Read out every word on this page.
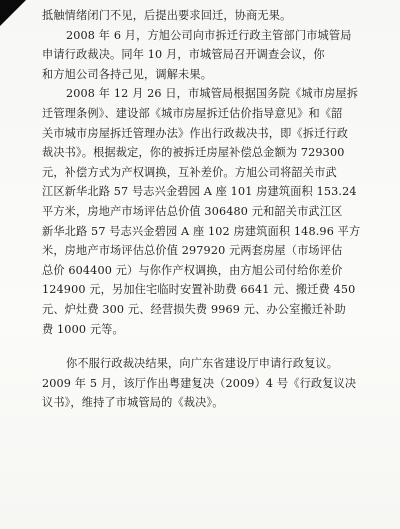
抵触情绪闭门不见，后提出要求回迁，协商无果。
2008 年 6 月，方旭公司向市拆迁行政主管部门市城管局
申请行政裁决。同年 10 月，市城管局召开调查会议，你
和方旭公司各持己见，调解未果。
2008 年 12 月 26 日，市城管局根据国务院《城市房屋拆
迁管理条例》、建设部《城市房屋拆迁估价指导意见》和《韶
关市城市房屋拆迁管理办法》作出行政裁决书，即《拆迁行政
裁决书》。根据裁定，你的被拆迁房屋补偿总金额为 729300
元，补偿方式为产权调换，互补差价。方旭公司将韶关市武
江区新华北路 57 号志兴金碧园 A 座 101 房建筑面积 153.24
平方米，房地产市场评估总价值 306480 元和韶关市武江区
新华北路 57 号志兴金碧园 A 座 102 房建筑面积 148.96 平方
米，房地产市场评估总价值 297920 元两套房屋（市场评估
总价 604400 元）与你作产权调换，由方旭公司付给你差价
124900 元，另加住宅临时安置补助费 6641 元、搬迁费 450
元、炉灶费 300 元、经营损失费 9969 元、办公室搬迁补助
费 1000 元等。
你不服行政裁决结果，向广东省建设厅申请行政复议。
2009 年 5 月，该厅作出粤建复决（2009）4 号《行政复议决
议书》，维持了市城管局的《裁决》。
